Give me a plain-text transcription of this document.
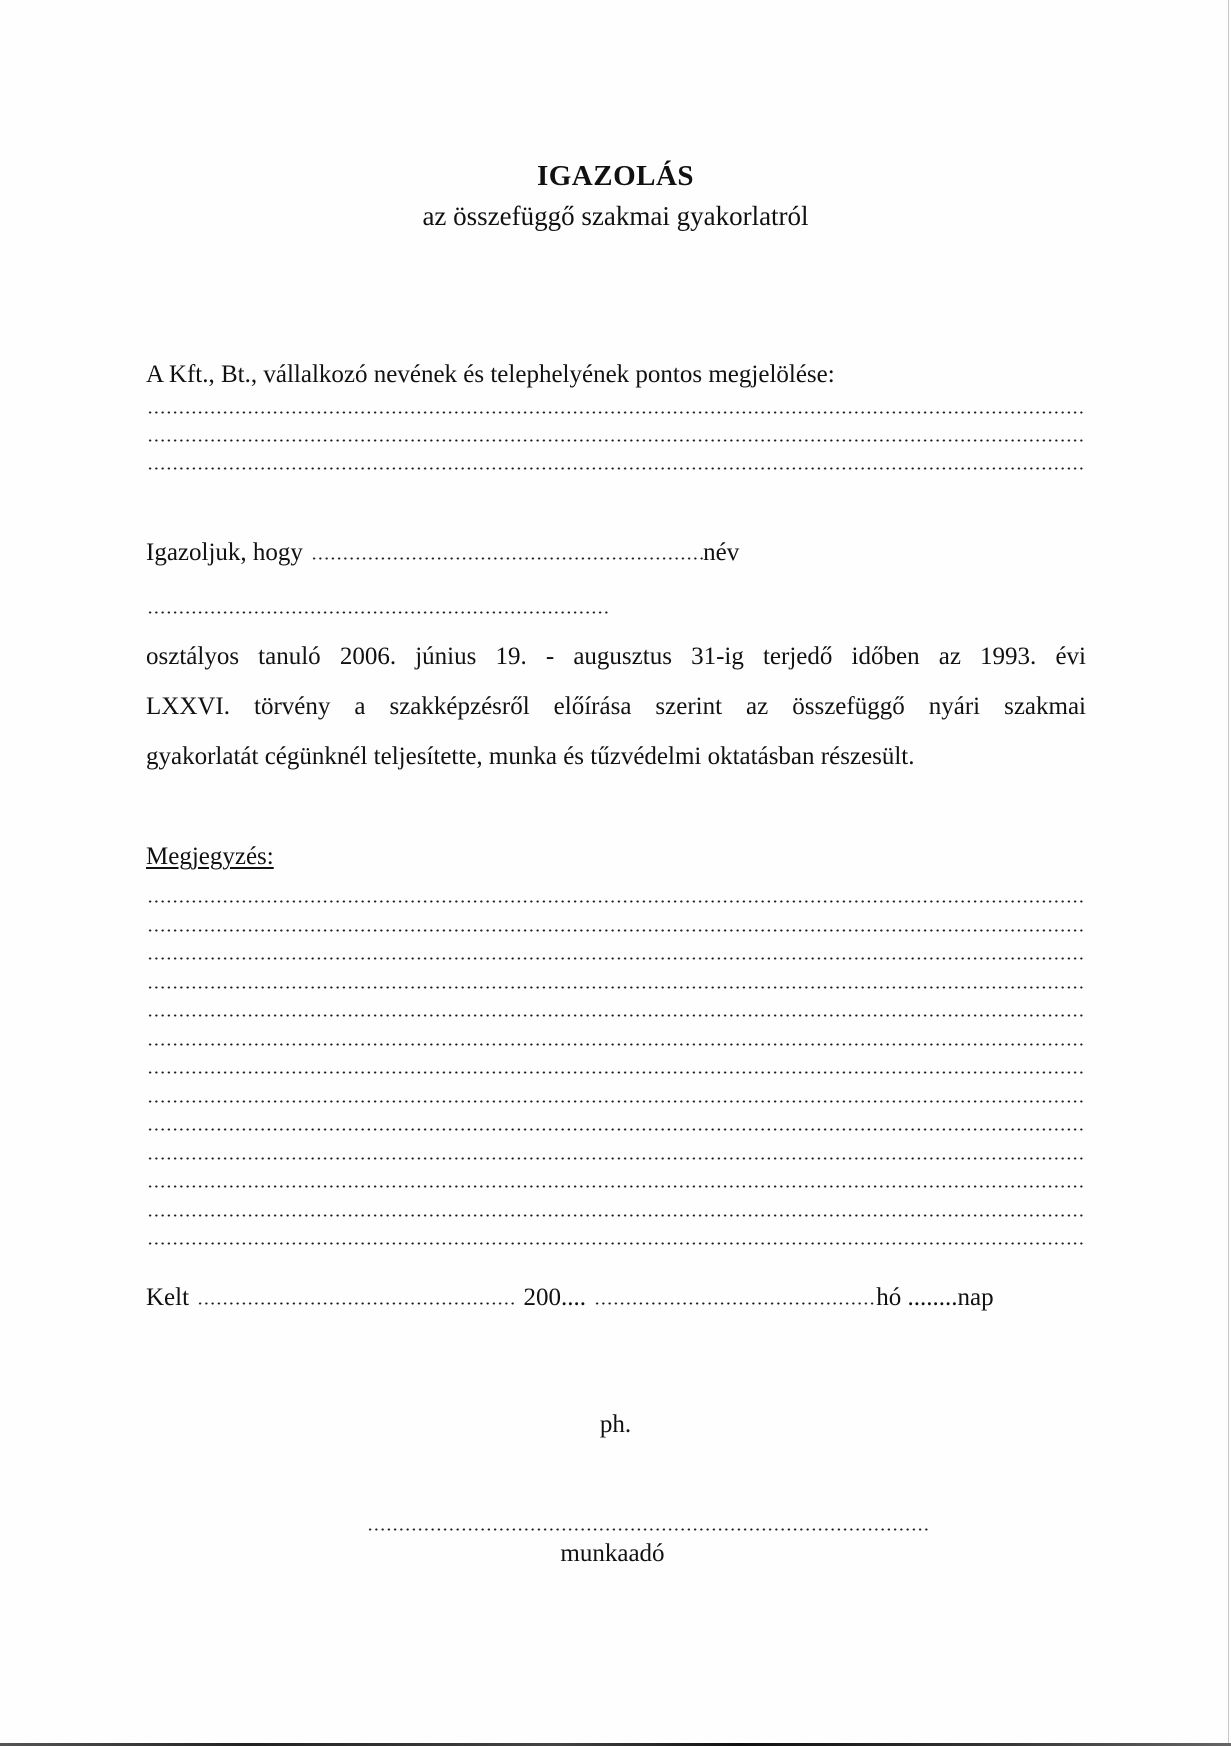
IGAZOLÁS
az összefüggő szakmai gyakorlatról
A Kft., Bt., vállalkozó nevének és telephelyének pontos megjelölése:
Igazoljuk, hogy	név
osztályos tanuló 2006. június 19. - augusztus 31-ig terjedő időben az 1993. évi
LXXVI. törvény a szakképzésről előírása szerint az összefüggő nyári szakmai
gyakorlatát cégünknél teljesítette, munka és tűzvédelmi oktatásban részesült.
Megjegyzés:
Kelt	200....	hó ........nap
ph.
munkaadó
